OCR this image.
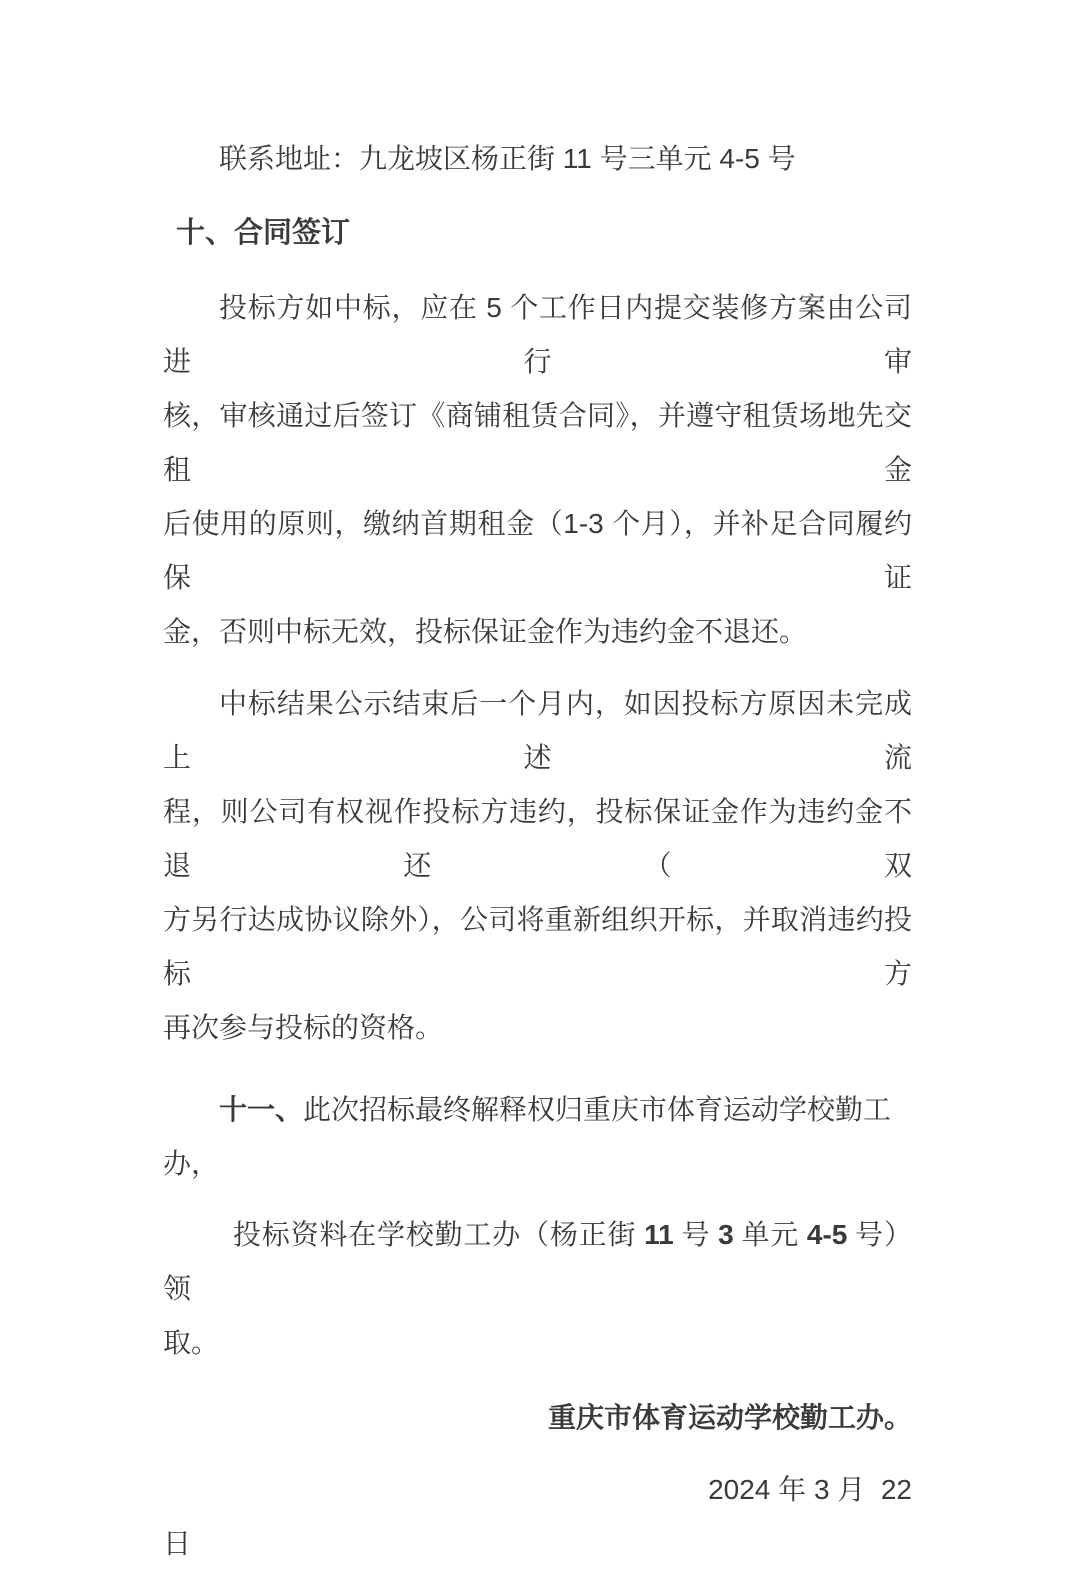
联系地址：九龙坡区杨正街 11 号三单元 4-5 号

十、合同签订

投标方如中标，应在 5 个工作日内提交装修方案由公司进行审
核，审核通过后签订《商铺租赁合同》，并遵守租赁场地先交租金
后使用的原则，缴纳首期租金（1-3 个月），并补足合同履约保证
金，否则中标无效，投标保证金作为违约金不退还。
中标结果公示结束后一个月内，如因投标方原因未完成上述流
程，则公司有权视作投标方违约，投标保证金作为违约金不退还（双
方另行达成协议除外），公司将重新组织开标，并取消违约投标方
再次参与投标的资格。

十一、此次招标最终解释权归重庆市体育运动学校勤工办，

投标资料在学校勤工办（杨正街 11 号 3 单元 4-5 号）领
取。

重庆市体育运动学校勤工办。

2024 年 3 月  22

日
